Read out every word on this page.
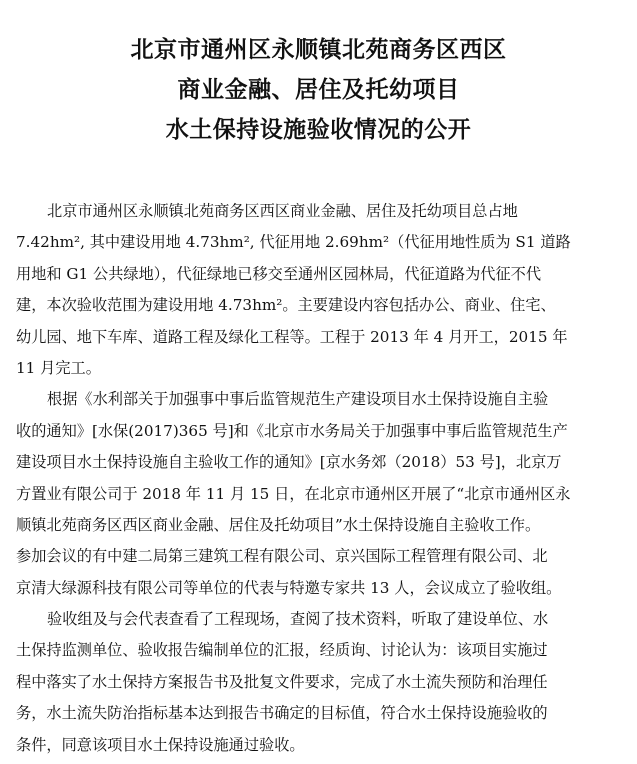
北京市通州区永顺镇北苑商务区西区
商业金融、居住及托幼项目
水土保持设施验收情况的公开
北京市通州区永顺镇北苑商务区西区商业金融、居住及托幼项目总占地
7.42hm², 其中建设用地 4.73hm², 代征用地 2.69hm²（代征用地性质为 S1 道路
用地和 G1 公共绿地），代征绿地已移交至通州区园林局，代征道路为代征不代
建，本次验收范围为建设用地 4.73hm²。主要建设内容包括办公、商业、住宅、
幼儿园、地下车库、道路工程及绿化工程等。工程于 2013 年 4 月开工，2015 年
11 月完工。
根据《水利部关于加强事中事后监管规范生产建设项目水土保持设施自主验
收的通知》[水保(2017)365 号]和《北京市水务局关于加强事中事后监管规范生产
建设项目水土保持设施自主验收工作的通知》[京水务郊（2018）53 号]，北京万
方置业有限公司于 2018 年 11 月 15 日，在北京市通州区开展了“北京市通州区永
顺镇北苑商务区西区商业金融、居住及托幼项目”水土保持设施自主验收工作。
参加会议的有中建二局第三建筑工程有限公司、京兴国际工程管理有限公司、北
京清大绿源科技有限公司等单位的代表与特邀专家共 13 人，会议成立了验收组。
验收组及与会代表查看了工程现场，查阅了技术资料，听取了建设单位、水
土保持监测单位、验收报告编制单位的汇报，经质询、讨论认为：该项目实施过
程中落实了水土保持方案报告书及批复文件要求，完成了水土流失预防和治理任
务，水土流失防治指标基本达到报告书确定的目标值，符合水土保持设施验收的
条件，同意该项目水土保持设施通过验收。
